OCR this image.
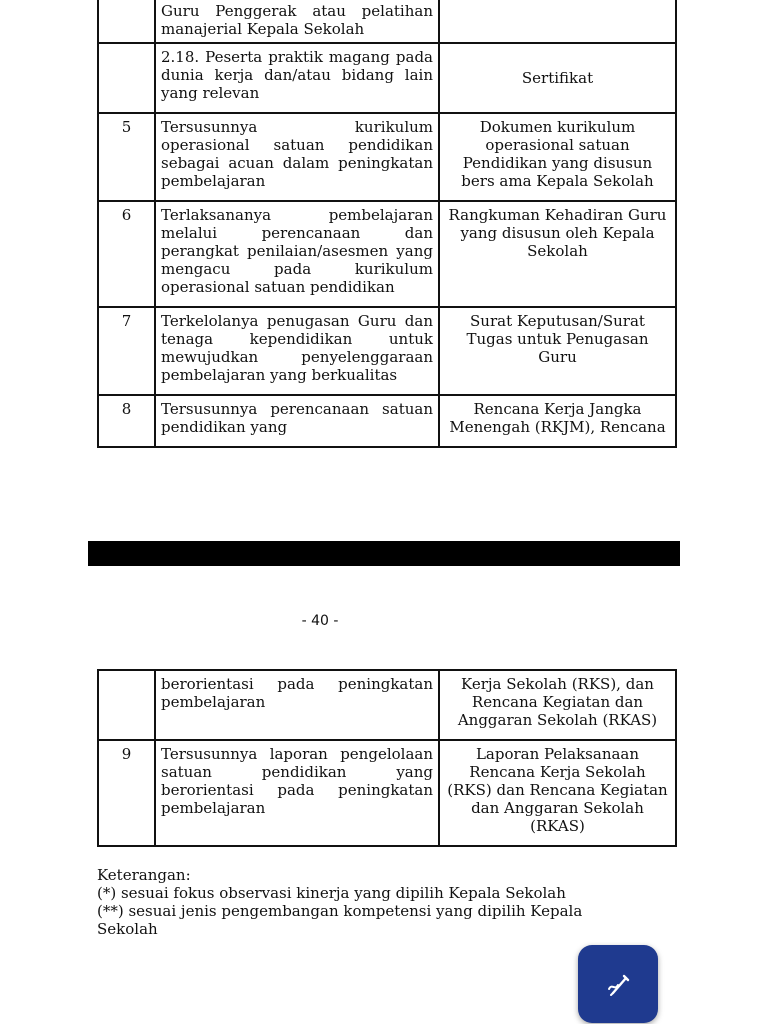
	Guru Penggerak atau pelatihan manajerial Kepala Sekolah	
	2.18. Peserta praktik magang pada dunia kerja dan/atau bidang lain yang relevan	Sertifikat
5	Tersusunnya kurikulum operasional satuan pendidikan sebagai acuan dalam peningkatan pembelajaran	Dokumen kurikulum operasional satuan Pendidikan yang disusun bers ama Kepala Sekolah
6	Terlaksananya pembelajaran melalui perencanaan dan perangkat penilaian/asesmen yang mengacu pada kurikulum operasional satuan pendidikan	Rangkuman Kehadiran Guru yang disusun oleh Kepala Sekolah
7	Terkelolanya penugasan Guru dan tenaga kependidikan untuk mewujudkan penyelenggaraan pembelajaran yang berkualitas	Surat Keputusan/Surat Tugas untuk Penugasan Guru
8	Tersusunnya perencanaan satuan pendidikan yang	Rencana Kerja Jangka Menengah (RKJM), Rencana
- 40 -
	berorientasi pada peningkatan pembelajaran	Kerja Sekolah (RKS), dan Rencana Kegiatan dan Anggaran Sekolah (RKAS)
9	Tersusunnya laporan pengelolaan satuan pendidikan yang berorientasi pada peningkatan pembelajaran	Laporan Pelaksanaan Rencana Kerja Sekolah (RKS) dan Rencana Kegiatan dan Anggaran Sekolah (RKAS)

Keterangan:

(*) sesuai fokus observasi kinerja yang dipilih Kepala Sekolah

(**) sesuai jenis pengembangan kompetensi yang dipilih Kepala Sekolah
